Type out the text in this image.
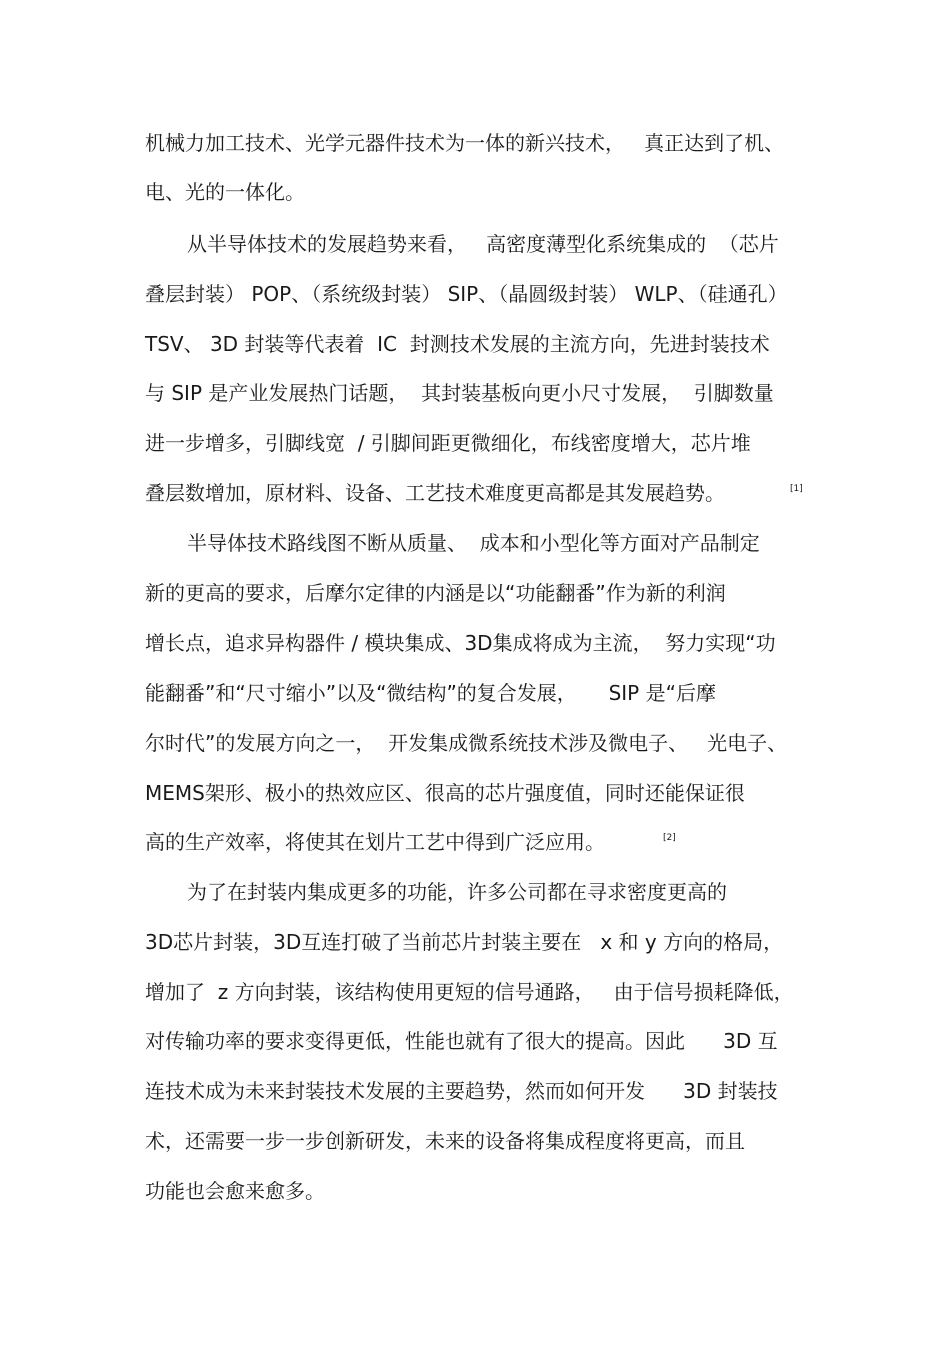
机械力加工技术、光学元器件技术为一体的新兴技术，   真正达到了机、
电、光的一体化。
从半导体技术的发展趋势来看，   高密度薄型化系统集成的  （芯片
叠层封装） POP、（系统级封装） SIP、（晶圆级封装） WLP、（硅通孔）
TSV、 3D 封装等代表着  IC  封测技术发展的主流方向，先进封装技术
与 SIP 是产业发展热门话题，  其封装基板向更小尺寸发展，  引脚数量
进一步增多，引脚线宽  / 引脚间距更微细化，布线密度增大，芯片堆
叠层数增加，原材料、设备、工艺技术难度更高都是其发展趋势。	[1]
半导体技术路线图不断从质量、  成本和小型化等方面对产品制定
新的更高的要求，后摩尔定律的内涵是以“功能翻番”作为新的利润
增长点，追求异构器件 / 模块集成、3D集成将成为主流，  努力实现“功
能翻番”和“尺寸缩小”以及“微结构”的复合发展，     SIP 是“后摩
尔时代”的发展方向之一，  开发集成微系统技术涉及微电子、   光电子、
MEMS架形、极小的热效应区、很高的芯片强度值，同时还能保证很
高的生产效率，将使其在划片工艺中得到广泛应用。	[2]
为了在封装内集成更多的功能，许多公司都在寻求密度更高的
3D芯片封装，3D互连打破了当前芯片封装主要在   x 和 y 方向的格局，
增加了  z 方向封装，该结构使用更短的信号通路，   由于信号损耗降低，
对传输功率的要求变得更低，性能也就有了很大的提高。因此      3D 互
连技术成为未来封装技术发展的主要趋势，然而如何开发      3D 封装技
术，还需要一步一步创新研发，未来的设备将集成程度将更高，而且
功能也会愈来愈多。
